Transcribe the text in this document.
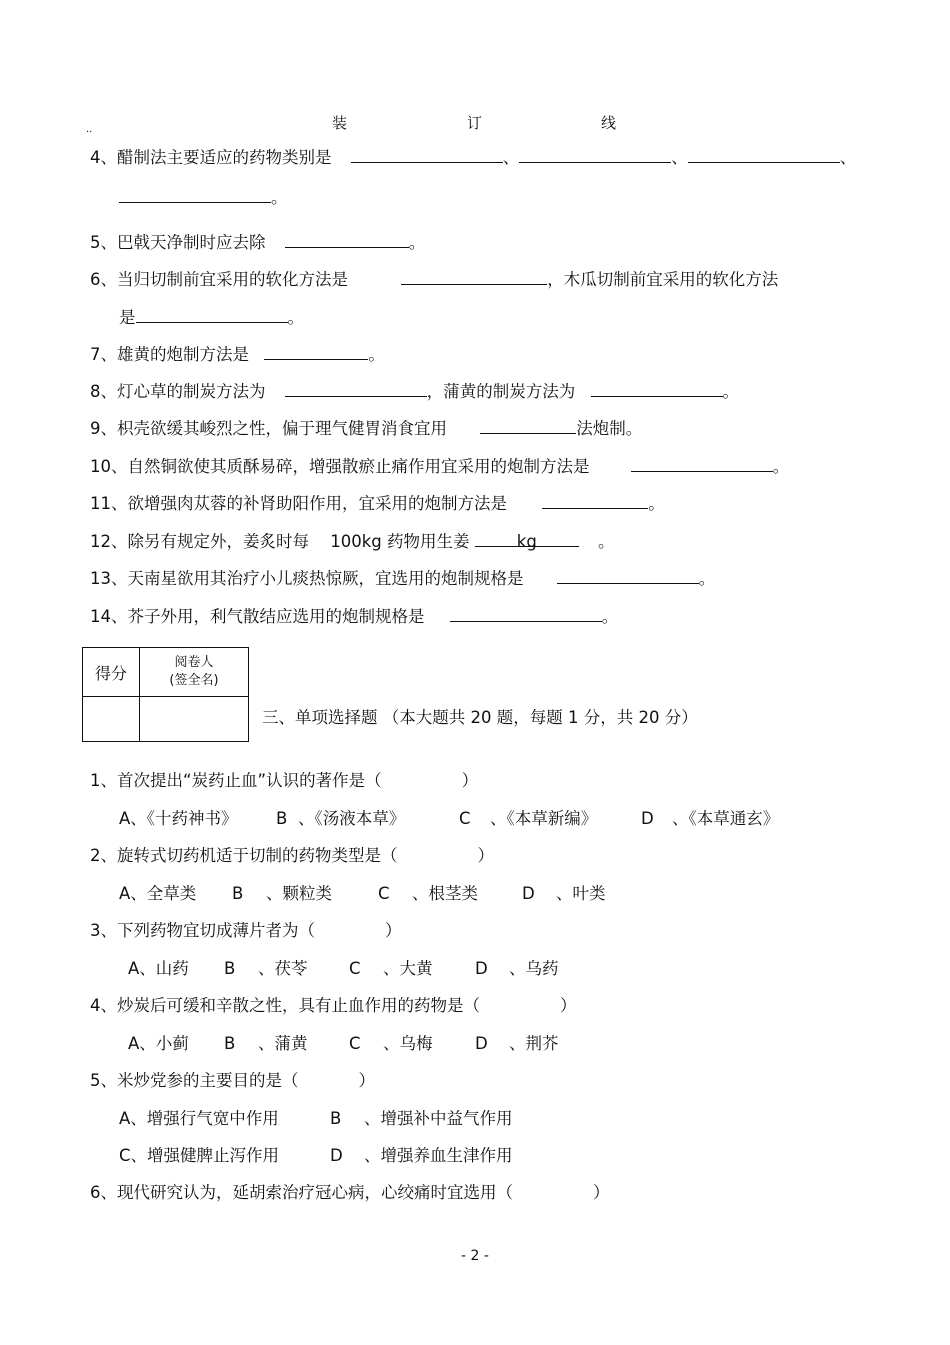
装	订	线
..
4、醋制法主要适应的药物类别是	、	、	、
。
5、巴戟天净制时应去除	。
6、当归切制前宜采用的软化方法是	，木瓜切制前宜采用的软化方法
是	。
7、雄黄的炮制方法是	。
8、灯心草的制炭方法为	，蒲黄的制炭方法为	。
9、枳壳欲缓其峻烈之性，偏于理气健胃消食宜用	法炮制。
10、自然铜欲使其质酥易碎，增强散瘀止痛作用宜采用的炮制方法是	。
11、欲增强肉苁蓉的补肾助阳作用，宜采用的炮制方法是	。
12、除另有规定外，姜炙时每 100kg 药物用生姜	kg	。
13、天南星欲用其治疗小儿痰热惊厥，宜选用的炮制规格是	。
14、芥子外用，利气散结应选用的炮制规格是	。
得分	阅卷人
(签全名)

三、单项选择题 （本大题共 20 题，每题 1 分，共 20 分）
1、首次提出“炭药止血”认识的著作是（	）
A、《十药神书》 B 、《汤液本草》	C 、《本草新编》	D 、《本草通玄》
2、旋转式切药机适于切制的药物类型是（	）
A、全草类 B 、颗粒类	C 、根茎类	D 、叶类
3、下列药物宜切成薄片者为（	）
A、山药 B 、茯苓	C 、大黄	D 、乌药
4、炒炭后可缓和辛散之性，具有止血作用的药物是（	）
A、小蓟 B 、蒲黄	C 、乌梅	D 、荆芥
5、米炒党参的主要目的是（	）
A、增强行气宽中作用	B 、增强补中益气作用
C、增强健脾止泻作用	D 、增强养血生津作用
6、现代研究认为，延胡索治疗冠心病，心绞痛时宜选用（	）
- 2 -
